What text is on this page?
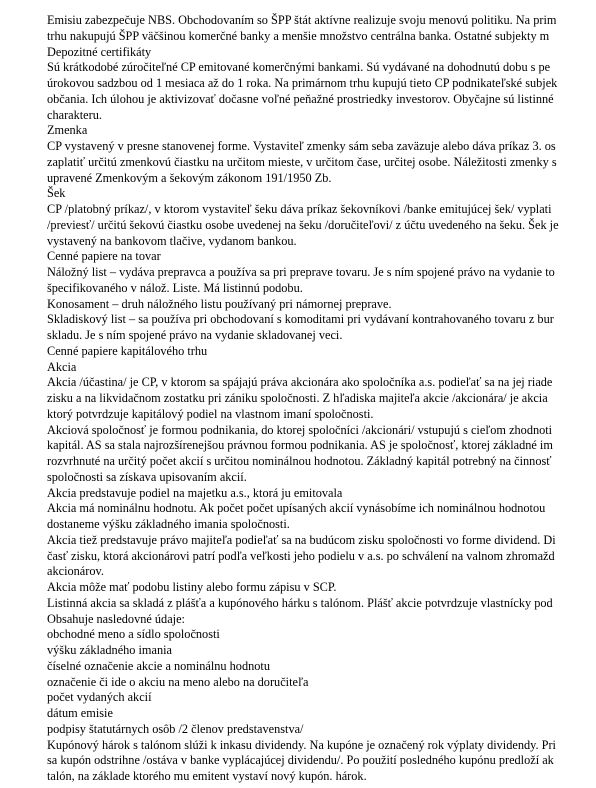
Emisiu zabezpečuje NBS. Obchodovaním so ŠPP štát aktívne realizuje svoju menovú politiku. Na prim
trhu nakupujú ŠPP väčšinou komerčné banky a menšie množstvo centrálna banka. Ostatné subjekty m
Depozitné certifikáty
Sú krátkodobé zúročiteľné CP emitované komerčnými bankami. Sú vydávané na dohodnutú dobu s pe
úrokovou sadzbou od 1 mesiaca až do 1 roka. Na primárnom trhu kupujú tieto CP podnikateľské subjek
občania. Ich úlohou je aktivizovať dočasne voľné peňažné prostriedky investorov. Obyčajne sú listinné
charakteru.
Zmenka
CP vystavený v presne stanovenej forme. Vystaviteľ zmenky sám seba zaväzuje alebo dáva príkaz 3. os
zaplatiť určitú zmenkovú čiastku na určitom mieste, v určitom čase, určitej osobe. Náležitosti zmenky s
upravené Zmenkovým a šekovým zákonom 191/1950 Zb.
Šek
CP /platobný príkaz/, v ktorom vystaviteľ šeku dáva príkaz šekovníkovi /banke emitujúcej šek/ vyplati
/previesť/ určitú šekovú čiastku osobe uvedenej na šeku /doručiteľovi/ z účtu uvedeného na šeku. Šek je
vystavený na bankovom tlačive, vydanom bankou.
Cenné papiere na tovar
Náložný list – vydáva prepravca a používa sa pri preprave tovaru. Je s ním spojené právo na vydanie to
špecifikovaného v nálož. Liste. Má listinnú podobu.
Konosament – druh náložného listu používaný pri námornej preprave.
Skladiskový list – sa používa pri obchodovaní s komoditami pri vydávaní kontrahovaného tovaru z bur
skladu. Je s ním spojené právo na vydanie skladovanej veci.
Cenné papiere kapitálového trhu
Akcia
Akcia /účastina/ je CP, v ktorom sa spájajú práva akcionára ako spoločníka a.s. podieľať sa na jej riade
zisku a na likvidačnom zostatku pri zániku spoločnosti. Z hľadiska majiteľa akcie /akcionára/ je akcia
ktorý potvrdzuje kapitálový podiel na vlastnom imaní spoločnosti.
Akciová spoločnosť je formou podnikania, do ktorej spoločníci /akcionári/ vstupujú s cieľom zhodnoti
kapitál. AS sa stala najrozšírenejšou právnou formou podnikania. AS je spoločnosť, ktorej základné im
rozvrhnuté na určitý počet akcií s určitou nominálnou hodnotou. Základný kapitál potrebný na činnosť
spoločnosti sa získava upisovaním akcií.
Akcia predstavuje podiel na majetku a.s., ktorá ju emitovala
Akcia má nominálnu hodnotu. Ak počet počet upísaných akcií vynásobíme ich nominálnou hodnotou
dostaneme výšku základného imania spoločnosti.
Akcia tiež predstavuje právo majiteľa podieľať sa na budúcom zisku spoločnosti vo forme dividend. Di
časť zisku, ktorá akcionárovi patrí podľa veľkosti jeho podielu v a.s. po schválení na valnom zhromažd
akcionárov.
Akcia môže mať podobu listiny alebo formu zápisu v SCP.
Listinná akcia sa skladá z plášťa a kupónového hárku s talónom. Plášť akcie potvrdzuje vlastnícky pod
Obsahuje nasledovné údaje:
obchodné meno a sídlo spoločnosti
výšku základného imania
číselné označenie akcie a nominálnu hodnotu
označenie či ide o akciu na meno alebo na doručiteľa
počet vydaných akcií
dátum emisie
podpisy štatutárnych osôb /2 členov predstavenstva/
Kupónový hárok s talónom slúži k inkasu dividendy. Na kupóne je označený rok výplaty dividendy. Pri
sa kupón odstrihne /ostáva v banke vyplácajúcej dividendu/. Po použití posledného kupónu predloží ak
talón, na základe ktorého mu emitent vystaví nový kupón. hárok.
